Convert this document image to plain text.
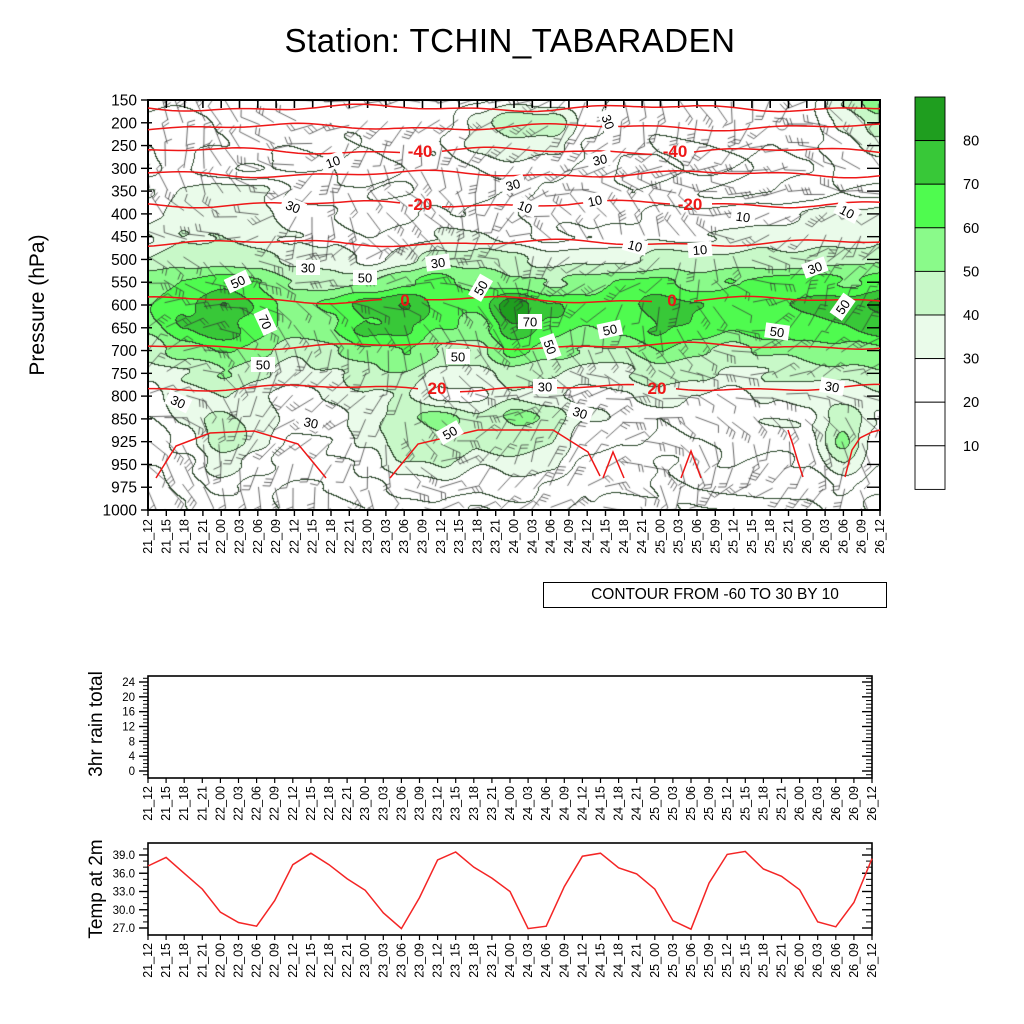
Station: TCHIN_TABARADEN
Pressure (hPa)
3hr rain total
Temp at 2m
21_12 21_15 21_18 21_21 22_00 22_03 22_06 22_09 22_12 22_15 22_18 22_21 23_00 23_03 23_06 23_09 23_12 23_15 23_18 23_21 24_00 24_03 24_06 24_09 24_12 24_15 24_18 24_21 25_00 25_03 25_06 25_09 25_12 25_15 25_18 25_21 26_00 26_03 26_06 26_09 26_12
150
200
250
300
350
400
450
500
550
600
650
700
750
800
850
925
950
975
1000
-40	-40
-20	-20
0	0
20	20
10
10
10
10	10
10
10
30
30
30
30	30
30
30
30
30
30
30
30
50	50	50
50	50
50
50
50
50
50
70	70
80
70
60
50
40
30
20
10
21_12 21_15 21_18 21_21 22_00 22_03 22_06 22_09 22_12 22_15 22_18 22_21 23_00 23_03 23_06 23_09 23_12 23_15 23_18 23_21 24_00 24_03 24_06 24_09 24_12 24_15 24_18 24_21 25_00 25_03 25_06 25_09 25_12 25_15 25_18 25_21 26_00 26_03 26_06 26_09 26_12
0
4
8
12
16
20
24
21_12 21_15 21_18 21_21 22_00 22_03 22_06 22_09 22_12 22_15 22_18 22_21 23_00 23_03 23_06 23_09 23_12 23_15 23_18 23_21 24_00 24_03 24_06 24_09 24_12 24_15 24_18 24_21 25_00 25_03 25_06 25_09 25_12 25_15 25_18 25_21 26_00 26_03 26_06 26_09 26_12
27.0
30.0
33.0
36.0
39.0
CONTOUR FROM -60 TO 30 BY 10
